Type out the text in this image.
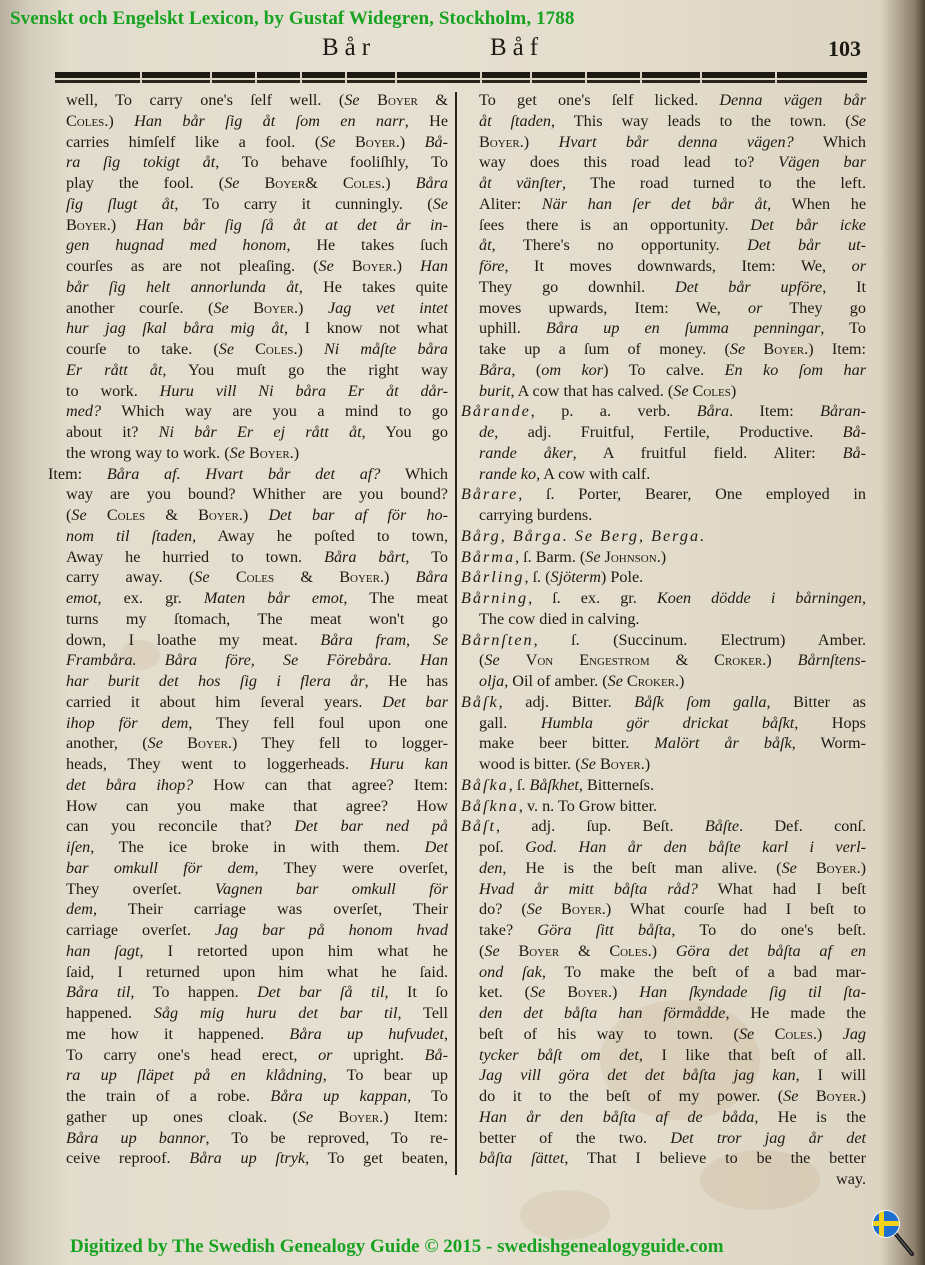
Svenskt och Engelskt Lexicon, by Gustaf Widegren, Stockholm, 1788
Bår	Båf	103
well, To carry one's ſelf well. (Se Boyer &
Coles.) Han bår ſig åt ſom en narr, He
carries himſelf like a fool. (Se Boyer.) Bå-
ra ſig tokigt åt, To behave fooliſhly, To
play the fool. (Se Boyer& Coles.) Båra
ſig ſlugt åt, To carry it cunningly. (Se
Boyer.) Han bår ſig ſå åt at det år in-
gen hugnad med honom, He takes ſuch
courſes as are not pleaſing. (Se Boyer.) Han
bår ſig helt annorlunda åt, He takes quite
another courſe. (Se Boyer.) Jag vet intet
hur jag ſkal båra mig åt, I know not what
courſe to take. (Se Coles.) Ni måſte båra
Er rått åt, You muſt go the right way
to work. Huru vill Ni båra Er åt dår-
med? Which way are you a mind to go
about it? Ni bår Er ej rått åt, You go
the wrong way to work. (Se Boyer.)
Item: Båra af. Hvart bår det af? Which
way are you bound? Whither are you bound?
(Se Coles & Boyer.) Det bar af för ho-
nom til ſtaden, Away he poſted to town,
Away he hurried to town. Båra bårt, To
carry away. (Se Coles & Boyer.) Båra
emot, ex. gr. Maten bår emot, The meat
turns my ſtomach, The meat won't go
down, I loathe my meat. Båra fram, Se
Frambåra. Båra före, Se Förebåra. Han
har burit det hos ſig i flera år, He has
carried it about him ſeveral years. Det bar
ihop för dem, They fell foul upon one
another, (Se Boyer.) They fell to logger-
heads, They went to loggerheads. Huru kan
det båra ihop? How can that agree? Item:
How can you make that agree? How
can you reconcile that? Det bar ned på
iſen, The ice broke in with them. Det
bar omkull för dem, They were overſet,
They overſet. Vagnen bar omkull för
dem, Their carriage was overſet, Their
carriage overſet. Jag bar på honom hvad
han ſagt, I retorted upon him what he
ſaid, I returned upon him what he ſaid.
Båra til, To happen. Det bar ſå til, It ſo
happened. Såg mig huru det bar til, Tell
me how it happened. Båra up hufvudet,
To carry one's head erect, or upright. Bå-
ra up ſläpet på en klådning, To bear up
the train of a robe. Båra up kappan, To
gather up ones cloak. (Se Boyer.) Item:
Båra up bannor, To be reproved, To re-
ceive reproof. Båra up ſtryk, To get beaten,
To get one's ſelf licked. Denna vägen bår
åt ſtaden, This way leads to the town. (Se
Boyer.) Hvart bår denna vägen? Which
way does this road lead to? Vägen bar
åt vänſter, The road turned to the left.
Aliter: När han ſer det bår åt, When he
ſees there is an opportunity. Det bår icke
åt, There's no opportunity. Det bår ut-
före, It moves downwards, Item: We, or
They go downhil. Det bår upföre, It
moves upwards, Item: We, or They go
uphill. Båra up en ſumma penningar, To
take up a ſum of money. (Se Boyer.) Item:
Båra, (om kor) To calve. En ko ſom har
burit, A cow that has calved. (Se Coles)
Bårande, p. a. verb. Båra. Item: Båran-
de, adj. Fruitful, Fertile, Productive. Bå-
rande åker, A fruitful field. Aliter: Bå-
rande ko, A cow with calf.
Bårare, ſ. Porter, Bearer, One employed in
carrying burdens.
Bårg, Bårga. Se Berg, Berga.
Bårma, ſ. Barm. (Se Johnson.)
Bårling, ſ. (Sjöterm) Pole.
Bårning, ſ. ex. gr. Koen dödde i bårningen,
The cow died in calving.
Bårnſten, ſ. (Succinum. Electrum) Amber.
(Se Von Engestrom & Croker.) Bårnſtens-
olja, Oil of amber. (Se Croker.)
Båſk, adj. Bitter. Båſk ſom galla, Bitter as
gall. Humbla gör drickat båſkt, Hops
make beer bitter. Malört år båſk, Worm-
wood is bitter. (Se Boyer.)
Båſka, ſ. Båſkhet, Bitterneſs.
Båſkna, v. n. To Grow bitter.
Båſt, adj. ſup. Beſt. Båſte. Def. conſ.
poſ. God. Han år den båſte karl i verl-
den, He is the beſt man alive. (Se Boyer.)
Hvad år mitt båſta råd? What had I beſt
do? (Se Boyer.) What courſe had I beſt to
take? Göra ſitt båſta, To do one's beſt.
(Se Boyer & Coles.) Göra det båſta af en
ond ſak, To make the beſt of a bad mar-
ket. (Se Boyer.) Han ſkyndade ſig til ſta-
den det båſta han förmådde, He made the
beſt of his way to town. (Se Coles.) Jag
tycker båſt om det, I like that beſt of all.
Jag vill göra det det båſta jag kan, I will
do it to the beſt of my power. (Se Boyer.)
Han år den båſta af de båda, He is the
better of the two. Det tror jag år det
båſta ſättet, That I believe to be the better
way.
Digitized by The Swedish Genealogy Guide © 2015 - swedishgenealogyguide.com
